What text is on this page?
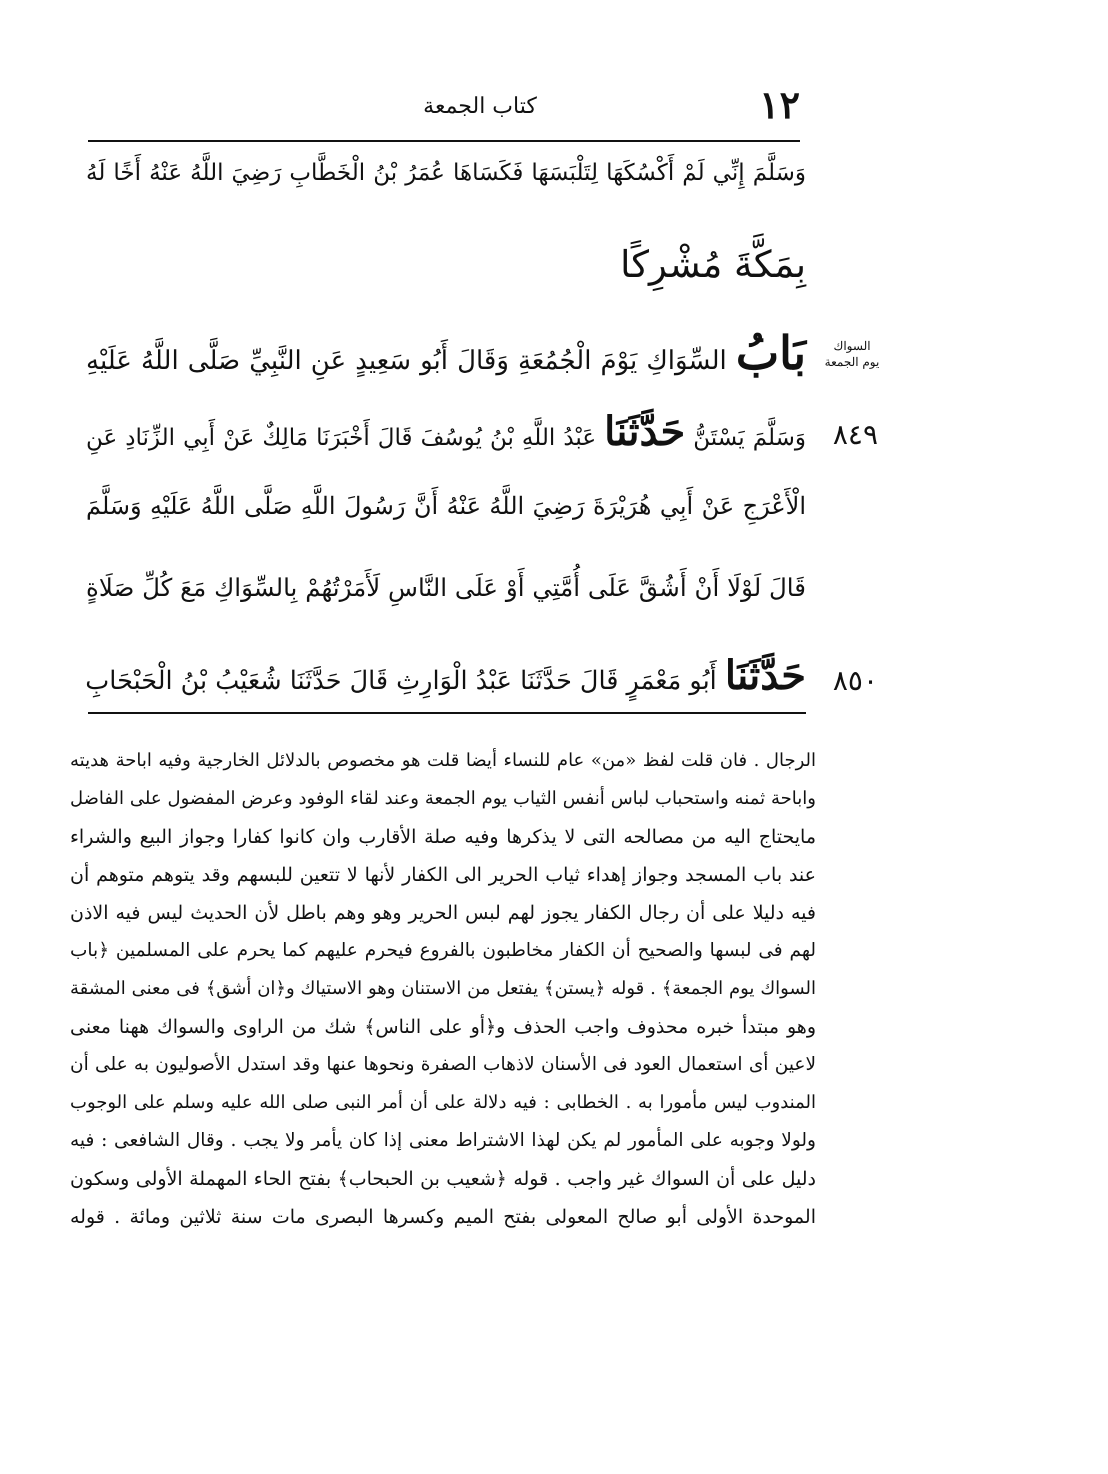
١٢
كتاب الجمعة
وَسَلَّمَ إِنِّي لَمْ أَكْسُكَهَا لِتَلْبَسَهَا فَكَسَاهَا عُمَرُ بْنُ الْخَطَّابِ رَضِيَ اللَّهُ عَنْهُ أَخًا لَهُ
بِمَكَّةَ مُشْرِكًا
السواك يوم الجمعة
بَابُ السِّوَاكِ يَوْمَ الْجُمُعَةِ وَقَالَ أَبُو سَعِيدٍ عَنِ النَّبِيِّ صَلَّى اللَّهُ عَلَيْهِ
٨٤٩
وَسَلَّمَ يَسْتَنُّ حَدَّثَنَا عَبْدُ اللَّهِ بْنُ يُوسُفَ قَالَ أَخْبَرَنَا مَالِكٌ عَنْ أَبِي الزِّنَادِ عَنِ
الْأَعْرَجِ عَنْ أَبِي هُرَيْرَةَ رَضِيَ اللَّهُ عَنْهُ أَنَّ رَسُولَ اللَّهِ صَلَّى اللَّهُ عَلَيْهِ وَسَلَّمَ
قَالَ لَوْلَا أَنْ أَشُقَّ عَلَى أُمَّتِي أَوْ عَلَى النَّاسِ لَأَمَرْتُهُمْ بِالسِّوَاكِ مَعَ كُلِّ صَلَاةٍ
٨٥٠
حَدَّثَنَا أَبُو مَعْمَرٍ قَالَ حَدَّثَنَا عَبْدُ الْوَارِثِ قَالَ حَدَّثَنَا شُعَيْبُ بْنُ الْحَبْحَابِ
الرجال . فان قلت لفظ «من» عام للنساء أيضا قلت هو مخصوص بالدلائل الخارجية وفيه اباحة هديته
واباحة ثمنه واستحباب لباس أنفس الثياب يوم الجمعة وعند لقاء الوفود وعرض المفضول على الفاضل
مايحتاج اليه من مصالحه التى لا يذكرها وفيه صلة الأقارب وان كانوا كفارا وجواز البيع والشراء
عند باب المسجد وجواز إهداء ثياب الحرير الى الكفار لأنها لا تتعين للبسهم وقد يتوهم متوهم أن
فيه دليلا على أن رجال الكفار يجوز لهم لبس الحرير وهو وهم باطل لأن الحديث ليس فيه الاذن
لهم فى لبسها والصحيح أن الكفار مخاطبون بالفروع فيحرم عليهم كما يحرم على المسلمين ﴿باب
السواك يوم الجمعة﴾ . قوله ﴿يستن﴾ يفتعل من الاستنان وهو الاستياك و﴿ان أشق﴾ فى معنى المشقة
وهو مبتدأ خبره محذوف واجب الحذف و﴿أو على الناس﴾ شك من الراوى والسواك ههنا معنى
لاعين أى استعمال العود فى الأسنان لاذهاب الصفرة ونحوها عنها وقد استدل الأصوليون به على أن
المندوب ليس مأمورا به . الخطابى : فيه دلالة على أن أمر النبى صلى الله عليه وسلم على الوجوب
ولولا وجوبه على المأمور لم يكن لهذا الاشتراط معنى إذا كان يأمر ولا يجب . وقال الشافعى : فيه
دليل على أن السواك غير واجب . قوله ﴿شعيب بن الحبحاب﴾ بفتح الحاء المهملة الأولى وسكون
الموحدة الأولى أبو صالح المعولى بفتح الميم وكسرها البصرى مات سنة ثلاثين ومائة . قوله
